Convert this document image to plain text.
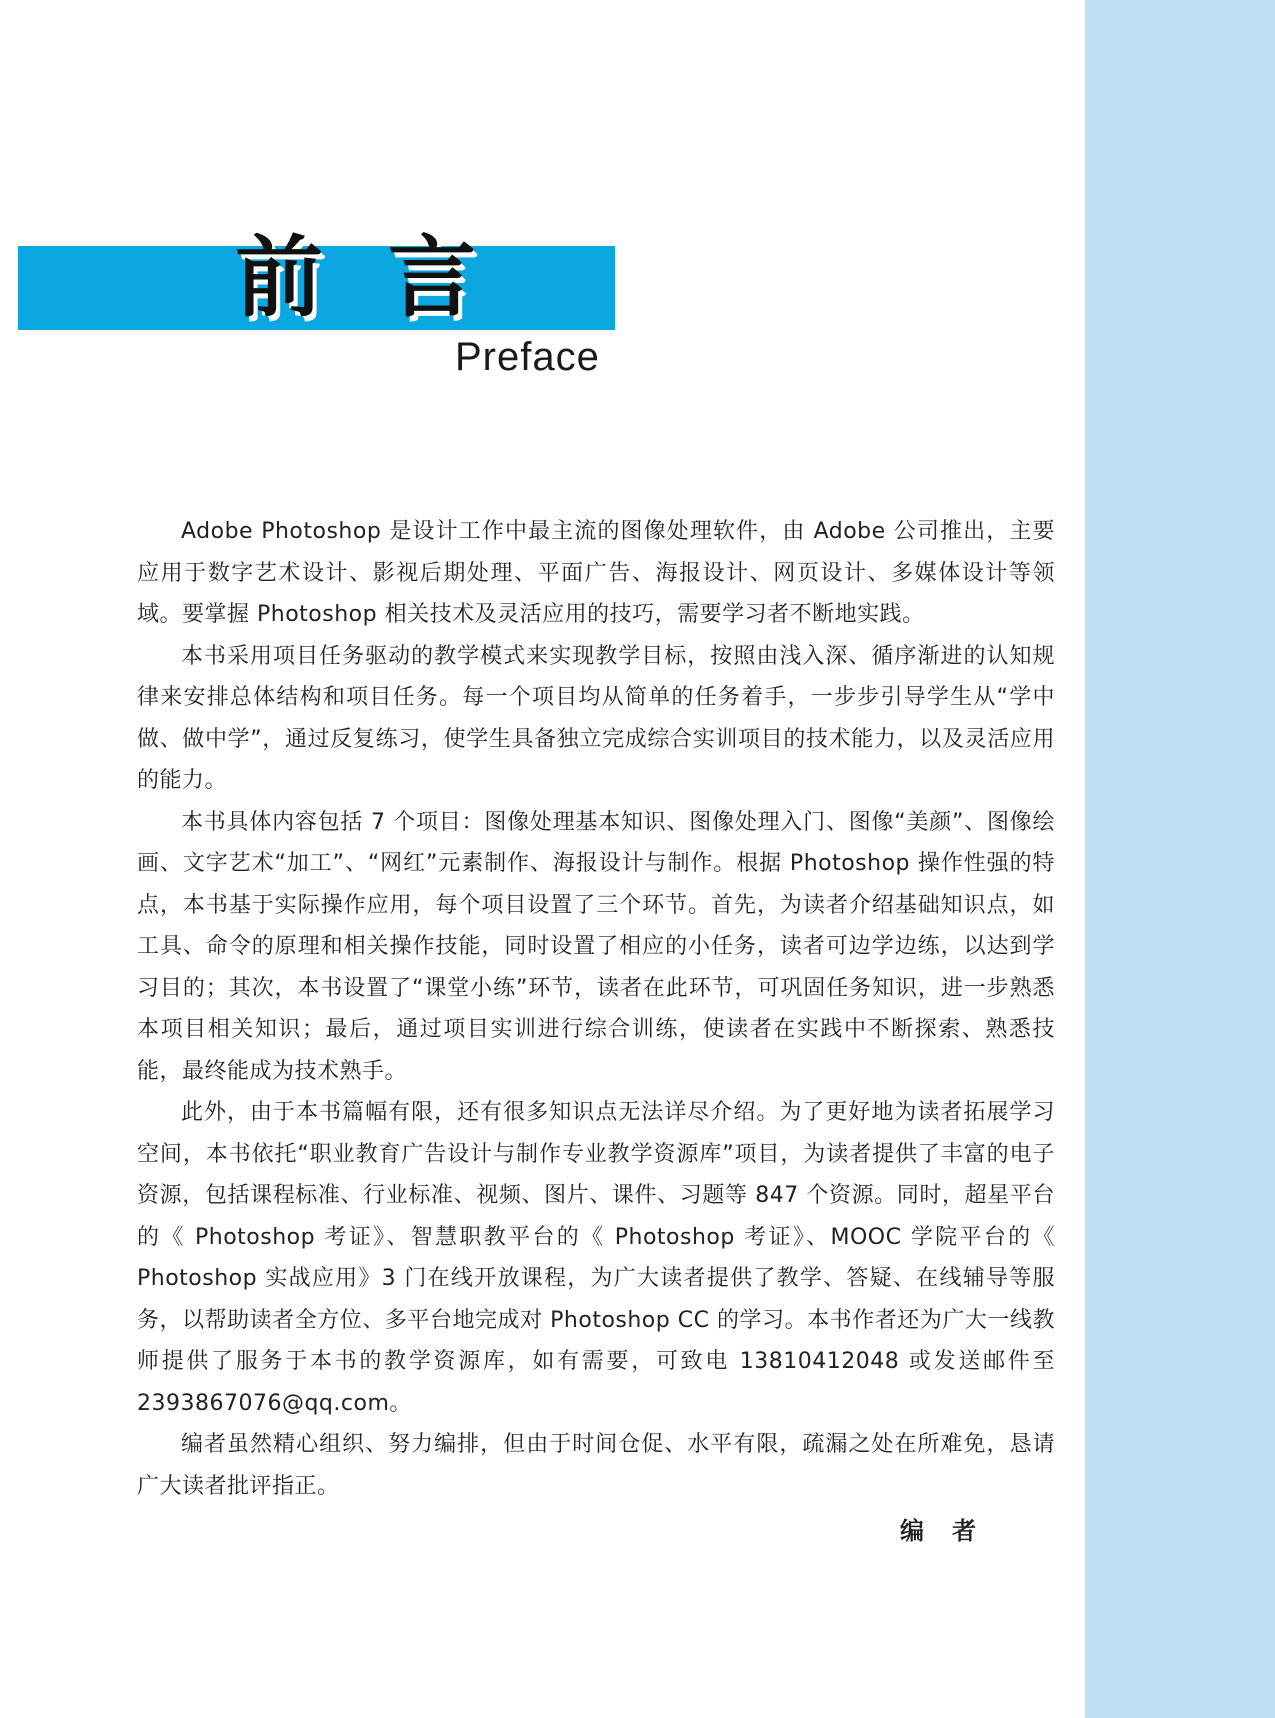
前 言
Preface

Adobe Photoshop 是设计工作中最主流的图像处理软件，由 Adobe 公司推出，主要应用于数字艺术设计、影视后期处理、平面广告、海报设计、网页设计、多媒体设计等领域。要掌握 Photoshop 相关技术及灵活应用的技巧，需要学习者不断地实践。

本书采用项目任务驱动的教学模式来实现教学目标，按照由浅入深、循序渐进的认知规律来安排总体结构和项目任务。每一个项目均从简单的任务着手，一步步引导学生从“学中做、做中学”，通过反复练习，使学生具备独立完成综合实训项目的技术能力，以及灵活应用的能力。

本书具体内容包括 7 个项目：图像处理基本知识、图像处理入门、图像“美颜”、图像绘画、文字艺术“加工”、“网红”元素制作、海报设计与制作。根据 Photoshop 操作性强的特点，本书基于实际操作应用，每个项目设置了三个环节。首先，为读者介绍基础知识点，如工具、命令的原理和相关操作技能，同时设置了相应的小任务，读者可边学边练，以达到学习目的；其次，本书设置了“课堂小练”环节，读者在此环节，可巩固任务知识，进一步熟悉本项目相关知识；最后，通过项目实训进行综合训练，使读者在实践中不断探索、熟悉技能，最终能成为技术熟手。

此外，由于本书篇幅有限，还有很多知识点无法详尽介绍。为了更好地为读者拓展学习空间，本书依托“职业教育广告设计与制作专业教学资源库”项目，为读者提供了丰富的电子资源，包括课程标准、行业标准、视频、图片、课件、习题等 847 个资源。同时，超星平台的《 Photoshop 考证》、智慧职教平台的《 Photoshop 考证》、MOOC 学院平台的《 Photoshop 实战应用》3 门在线开放课程，为广大读者提供了教学、答疑、在线辅导等服务，以帮助读者全方位、多平台地完成对 Photoshop CC 的学习。本书作者还为广大一线教师提供了服务于本书的教学资源库，如有需要，可致电 13810412048 或发送邮件至 2393867076@qq.com。

编者虽然精心组织、努力编排，但由于时间仓促、水平有限，疏漏之处在所难免，恳请广大读者批评指正。

编者
